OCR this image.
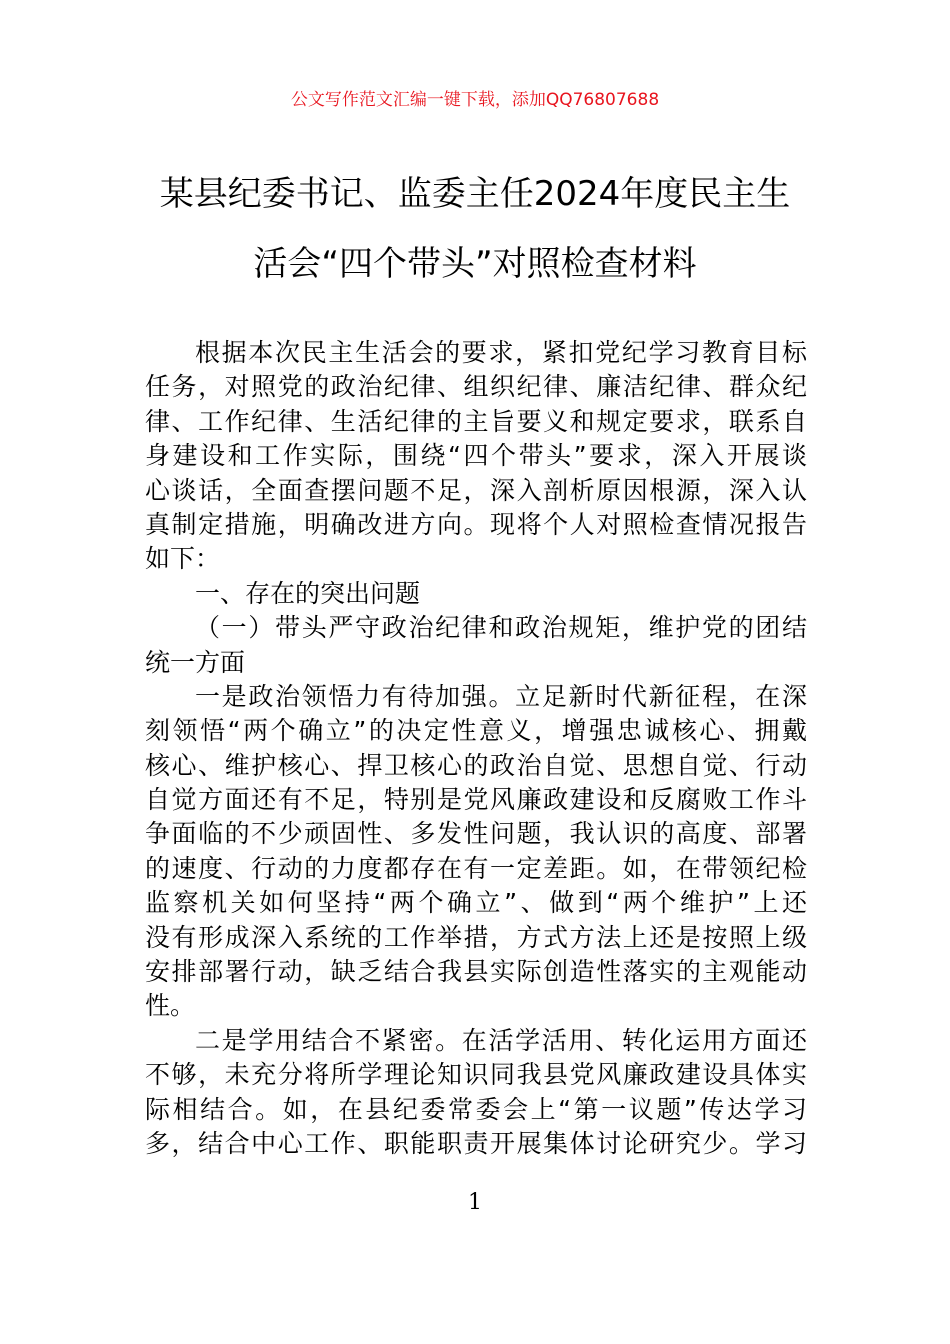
公文写作范文汇编一键下载，添加QQ76807688
某县纪委书记、监委主任2024年度民主生
活会“四个带头”对照检查材料
根据本次民主生活会的要求，紧扣党纪学习教育目标
任务，对照党的政治纪律、组织纪律、廉洁纪律、群众纪
律、工作纪律、生活纪律的主旨要义和规定要求，联系自
身建设和工作实际，围绕“四个带头”要求，深入开展谈
心谈话，全面查摆问题不足，深入剖析原因根源，深入认
真制定措施，明确改进方向。现将个人对照检查情况报告
如下：
一、存在的突出问题
（一）带头严守政治纪律和政治规矩，维护党的团结
统一方面
一是政治领悟力有待加强。立足新时代新征程，在深
刻领悟“两个确立”的决定性意义，增强忠诚核心、拥戴
核心、维护核心、捍卫核心的政治自觉、思想自觉、行动
自觉方面还有不足，特别是党风廉政建设和反腐败工作斗
争面临的不少顽固性、多发性问题，我认识的高度、部署
的速度、行动的力度都存在有一定差距。如，在带领纪检
监察机关如何坚持“两个确立”、做到“两个维护”上还
没有形成深入系统的工作举措，方式方法上还是按照上级
安排部署行动，缺乏结合我县实际创造性落实的主观能动
性。
二是学用结合不紧密。在活学活用、转化运用方面还
不够，未充分将所学理论知识同我县党风廉政建设具体实
际相结合。如，在县纪委常委会上“第一议题”传达学习
多，结合中心工作、职能职责开展集体讨论研究少。学习
1
